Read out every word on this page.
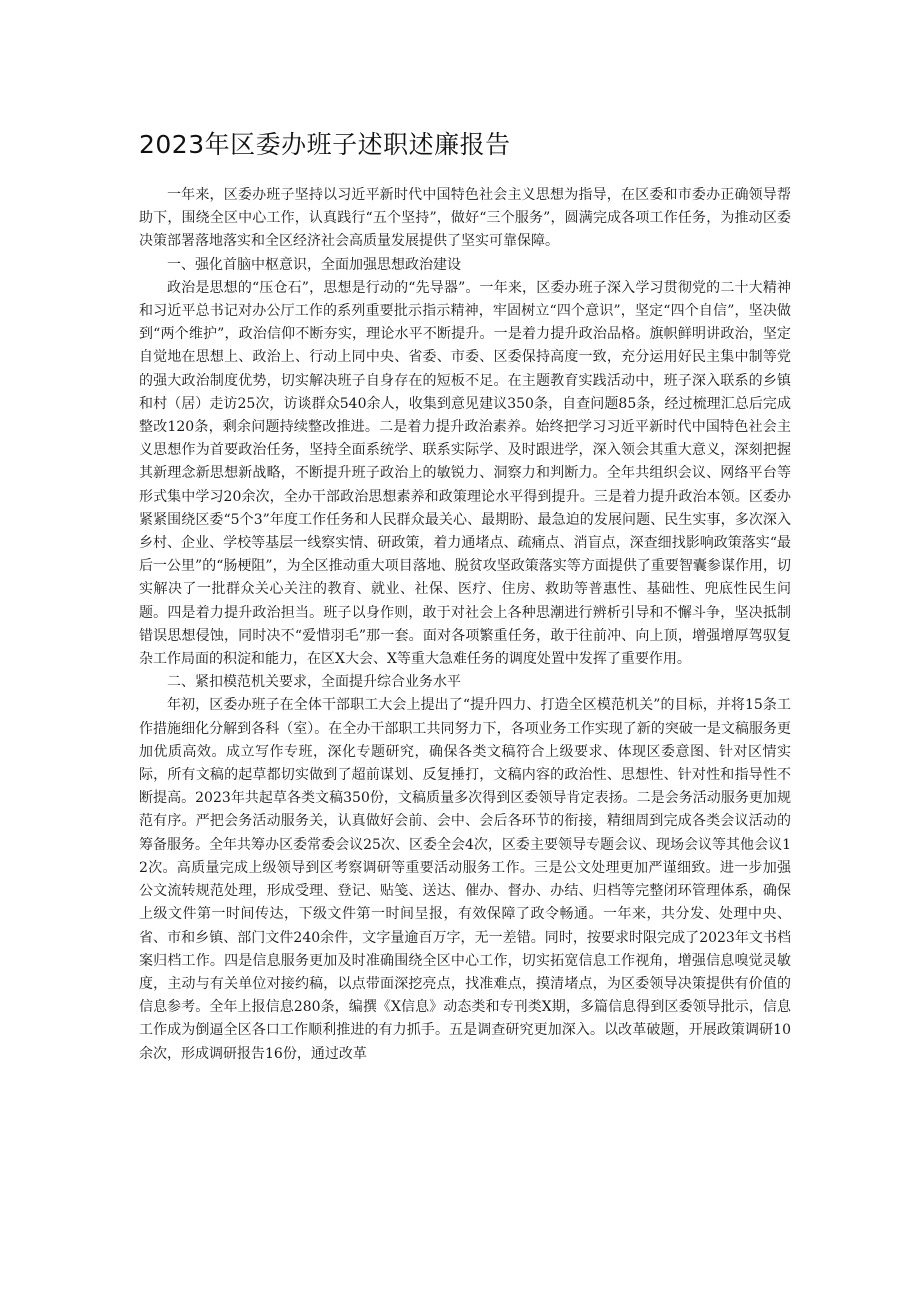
2023年区委办班子述职述廉报告

一年来，区委办班子坚持以习近平新时代中国特色社会主义思想为指导，在区委和市委办正确领导帮助下，围绕全区中心工作，认真践行“五个坚持”，做好“三个服务”，圆满完成各项工作任务，为推动区委决策部署落地落实和全区经济社会高质量发展提供了坚实可靠保障。

一、强化首脑中枢意识，全面加强思想政治建设

政治是思想的“压仓石”，思想是行动的“先导器”。一年来，区委办班子深入学习贯彻党的二十大精神和习近平总书记对办公厅工作的系列重要批示指示精神，牢固树立“四个意识”，坚定“四个自信”，坚决做到“两个维护”，政治信仰不断夯实，理论水平不断提升。一是着力提升政治品格。旗帜鲜明讲政治，坚定自觉地在思想上、政治上、行动上同中央、省委、市委、区委保持高度一致，充分运用好民主集中制等党的强大政治制度优势，切实解决班子自身存在的短板不足。在主题教育实践活动中，班子深入联系的乡镇和村（居）走访25次，访谈群众540余人，收集到意见建议350条，自查问题85条，经过梳理汇总后完成整改120条，剩余问题持续整改推进。二是着力提升政治素养。始终把学习习近平新时代中国特色社会主义思想作为首要政治任务，坚持全面系统学、联系实际学、及时跟进学，深入领会其重大意义，深刻把握其新理念新思想新战略，不断提升班子政治上的敏锐力、洞察力和判断力。全年共组织会议、网络平台等形式集中学习20余次，全办干部政治思想素养和政策理论水平得到提升。三是着力提升政治本领。区委办紧紧围绕区委“5个3”年度工作任务和人民群众最关心、最期盼、最急迫的发展问题、民生实事，多次深入乡村、企业、学校等基层一线察实情、研政策，着力通堵点、疏痛点、消盲点，深查细找影响政策落实“最后一公里”的“肠梗阻”，为全区推动重大项目落地、脱贫攻坚政策落实等方面提供了重要智囊参谋作用，切实解决了一批群众关心关注的教育、就业、社保、医疗、住房、救助等普惠性、基础性、兜底性民生问题。四是着力提升政治担当。班子以身作则，敢于对社会上各种思潮进行辨析引导和不懈斗争，坚决抵制错误思想侵蚀，同时决不“爱惜羽毛”那一套。面对各项繁重任务，敢于往前冲、向上顶，增强增厚驾驭复杂工作局面的积淀和能力，在区X大会、X等重大急难任务的调度处置中发挥了重要作用。

二、紧扣模范机关要求，全面提升综合业务水平

年初，区委办班子在全体干部职工大会上提出了“提升四力、打造全区模范机关”的目标，并将15条工作措施细化分解到各科（室）。在全办干部职工共同努力下，各项业务工作实现了新的突破一是文稿服务更加优质高效。成立写作专班，深化专题研究，确保各类文稿符合上级要求、体现区委意图、针对区情实际，所有文稿的起草都切实做到了超前谋划、反复捶打，文稿内容的政治性、思想性、针对性和指导性不断提高。2023年共起草各类文稿350份，文稿质量多次得到区委领导肯定表扬。二是会务活动服务更加规范有序。严把会务活动服务关，认真做好会前、会中、会后各环节的衔接，精细周到完成各类会议活动的筹备服务。全年共筹办区委常委会议25次、区委全会4次，区委主要领导专题会议、现场会议等其他会议12次。高质量完成上级领导到区考察调研等重要活动服务工作。三是公文处理更加严谨细致。进一步加强公文流转规范处理，形成受理、登记、贴笺、送达、催办、督办、办结、归档等完整闭环管理体系，确保上级文件第一时间传达，下级文件第一时间呈报，有效保障了政令畅通。一年来，共分发、处理中央、省、市和乡镇、部门文件240余件，文字量逾百万字，无一差错。同时，按要求时限完成了2023年文书档案归档工作。四是信息服务更加及时准确围绕全区中心工作，切实拓宽信息工作视角，增强信息嗅觉灵敏度，主动与有关单位对接约稿，以点带面深挖亮点，找准难点，摸清堵点，为区委领导决策提供有价值的信息参考。全年上报信息280条，编撰《X信息》动态类和专刊类X期，多篇信息得到区委领导批示，信息工作成为倒逼全区各口工作顺利推进的有力抓手。五是调查研究更加深入。以改革破题，开展政策调研10余次，形成调研报告16份，通过改革
